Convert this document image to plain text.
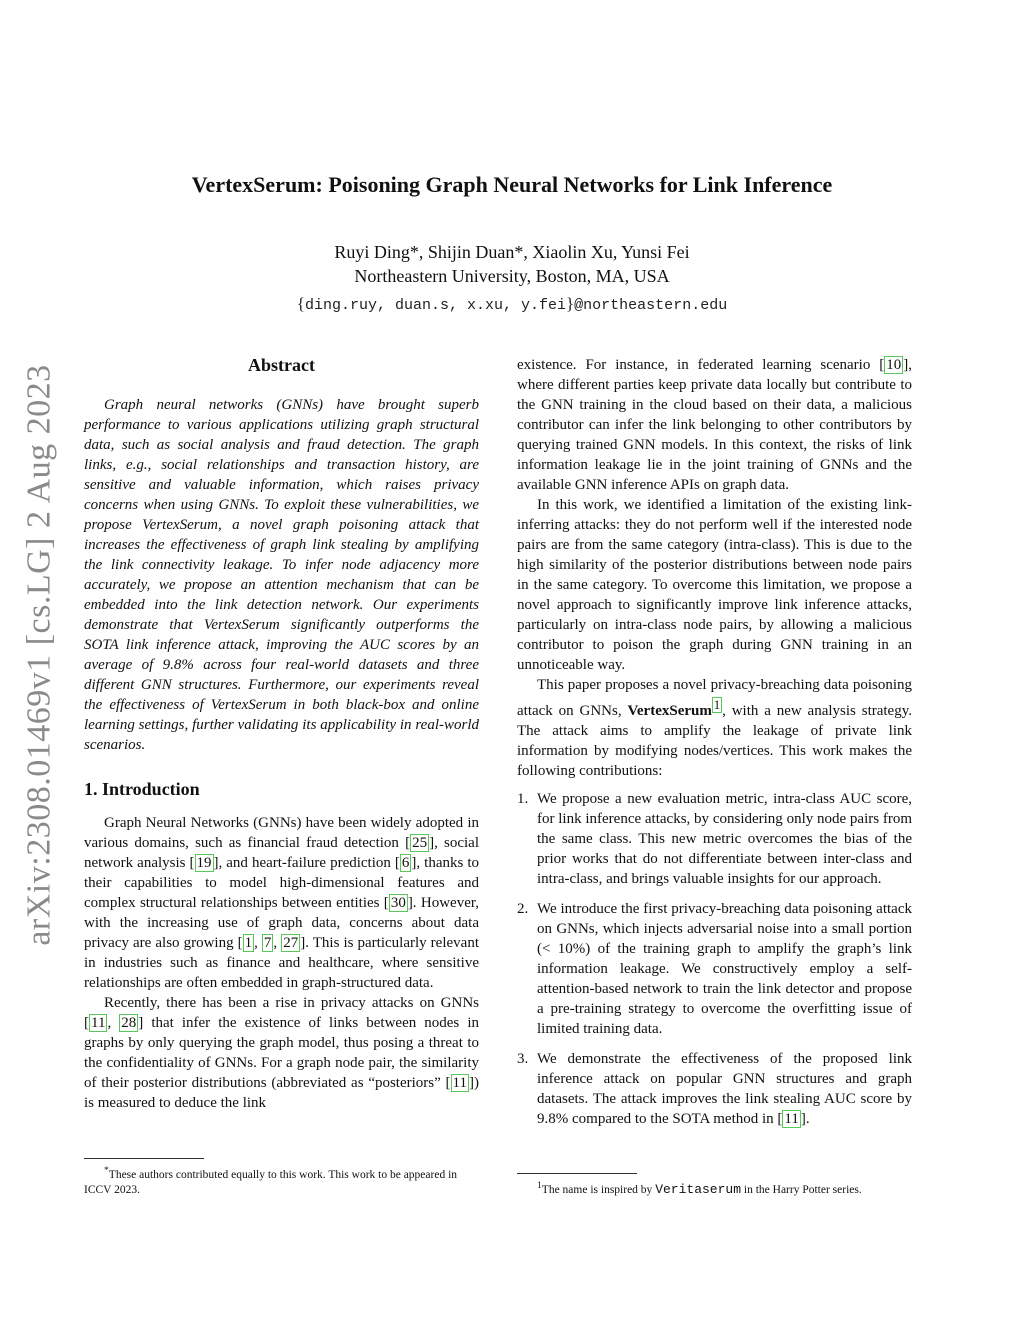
arXiv:2308.01469v1 [cs.LG] 2 Aug 2023
VertexSerum: Poisoning Graph Neural Networks for Link Inference
Ruyi Ding*, Shijin Duan*, Xiaolin Xu, Yunsi Fei
Northeastern University, Boston, MA, USA
{ding.ruy, duan.s, x.xu, y.fei}@northeastern.edu
Abstract

Graph neural networks (GNNs) have brought superb performance to various applications utilizing graph structural data, such as social analysis and fraud detection. The graph links, e.g., social relationships and transaction history, are sensitive and valuable information, which raises privacy concerns when using GNNs. To exploit these vulnerabilities, we propose VertexSerum, a novel graph poisoning attack that increases the effectiveness of graph link stealing by amplifying the link connectivity leakage. To infer node adjacency more accurately, we propose an attention mechanism that can be embedded into the link detection network. Our experiments demonstrate that VertexSerum significantly outperforms the SOTA link inference attack, improving the AUC scores by an average of 9.8% across four real-world datasets and three different GNN structures. Furthermore, our experiments reveal the effectiveness of VertexSerum in both black-box and online learning settings, further validating its applicability in real-world scenarios.

1. Introduction

Graph Neural Networks (GNNs) have been widely adopted in various domains, such as financial fraud detection [ 25 ], social network analysis [ 19 ], and heart-failure prediction [ 6 ], thanks to their capabilities to model high-dimensional features and complex structural relationships between entities [ 30 ]. However, with the increasing use of graph data, concerns about data privacy are also growing [ 1 , 7 , 27 ]. This is particularly relevant in industries such as finance and healthcare, where sensitive relationships are often embedded in graph-structured data.

Recently, there has been a rise in privacy attacks on GNNs [ 11 , 28 ] that infer the existence of links between nodes in graphs by only querying the graph model, thus posing a threat to the confidentiality of GNNs. For a graph node pair, the similarity of their posterior distributions (abbreviated as “posteriors” [ 11 ]) is measured to deduce the link

*These authors contributed equally to this work. This work to be appeared in ICCV 2023.

existence. For instance, in federated learning scenario [ 10 ], where different parties keep private data locally but contribute to the GNN training in the cloud based on their data, a malicious contributor can infer the link belonging to other contributors by querying trained GNN models. In this context, the risks of link information leakage lie in the joint training of GNNs and the available GNN inference APIs on graph data.

In this work, we identified a limitation of the existing link-inferring attacks: they do not perform well if the interested node pairs are from the same category (intra-class). This is due to the high similarity of the posterior distributions between node pairs in the same category. To overcome this limitation, we propose a novel approach to significantly improve link inference attacks, particularly on intra-class node pairs, by allowing a malicious contributor to poison the graph during GNN training in an unnoticeable way.

This paper proposes a novel privacy-breaching data poisoning attack on GNNs, VertexSerum $^1$ , with a new analysis strategy. The attack aims to amplify the leakage of private link information by modifying nodes/vertices. This work makes the following contributions:

1. We propose a new evaluation metric, intra-class AUC score, for link inference attacks, by considering only node pairs from the same class. This new metric overcomes the bias of the prior works that do not differentiate between inter-class and intra-class, and brings valuable insights for our approach.
2. We introduce the first privacy-breaching data poisoning attack on GNNs, which injects adversarial noise into a small portion (< 10%) of the training graph to amplify the graph’s link information leakage. We constructively employ a self-attention-based network to train the link detector and propose a pre-training strategy to overcome the overfitting issue of limited training data.
3. We demonstrate the effectiveness of the proposed link inference attack on popular GNN structures and graph datasets. The attack improves the link stealing AUC score by 9.8% compared to the SOTA method in [ 11 ].
$^1$The name is inspired by Veritaserum in the Harry Potter series.
